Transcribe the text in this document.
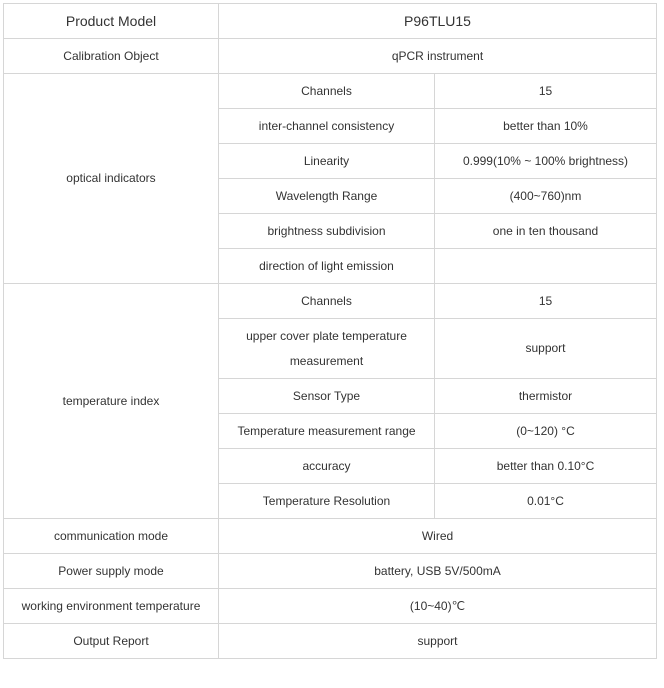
Product Model	P96TLU15	
Calibration Object	qPCR instrument	
optical indicators	Channels	15
	inter-channel consistency	better than 10%
	Linearity	0.999(10% ~ 100% brightness)
	Wavelength Range	(400~760)nm
	brightness subdivision	one in ten thousand
	direction of light emission	
temperature index	Channels	15
	upper cover plate temperature measurement	support
	Sensor Type	thermistor
	Temperature measurement range	(0~120) °C
	accuracy	better than 0.10°C
	Temperature Resolution	0.01°C
communication mode	Wired	
Power supply mode	battery, USB 5V/500mA	
working environment temperature	(10~40)℃	
Output Report	support	
